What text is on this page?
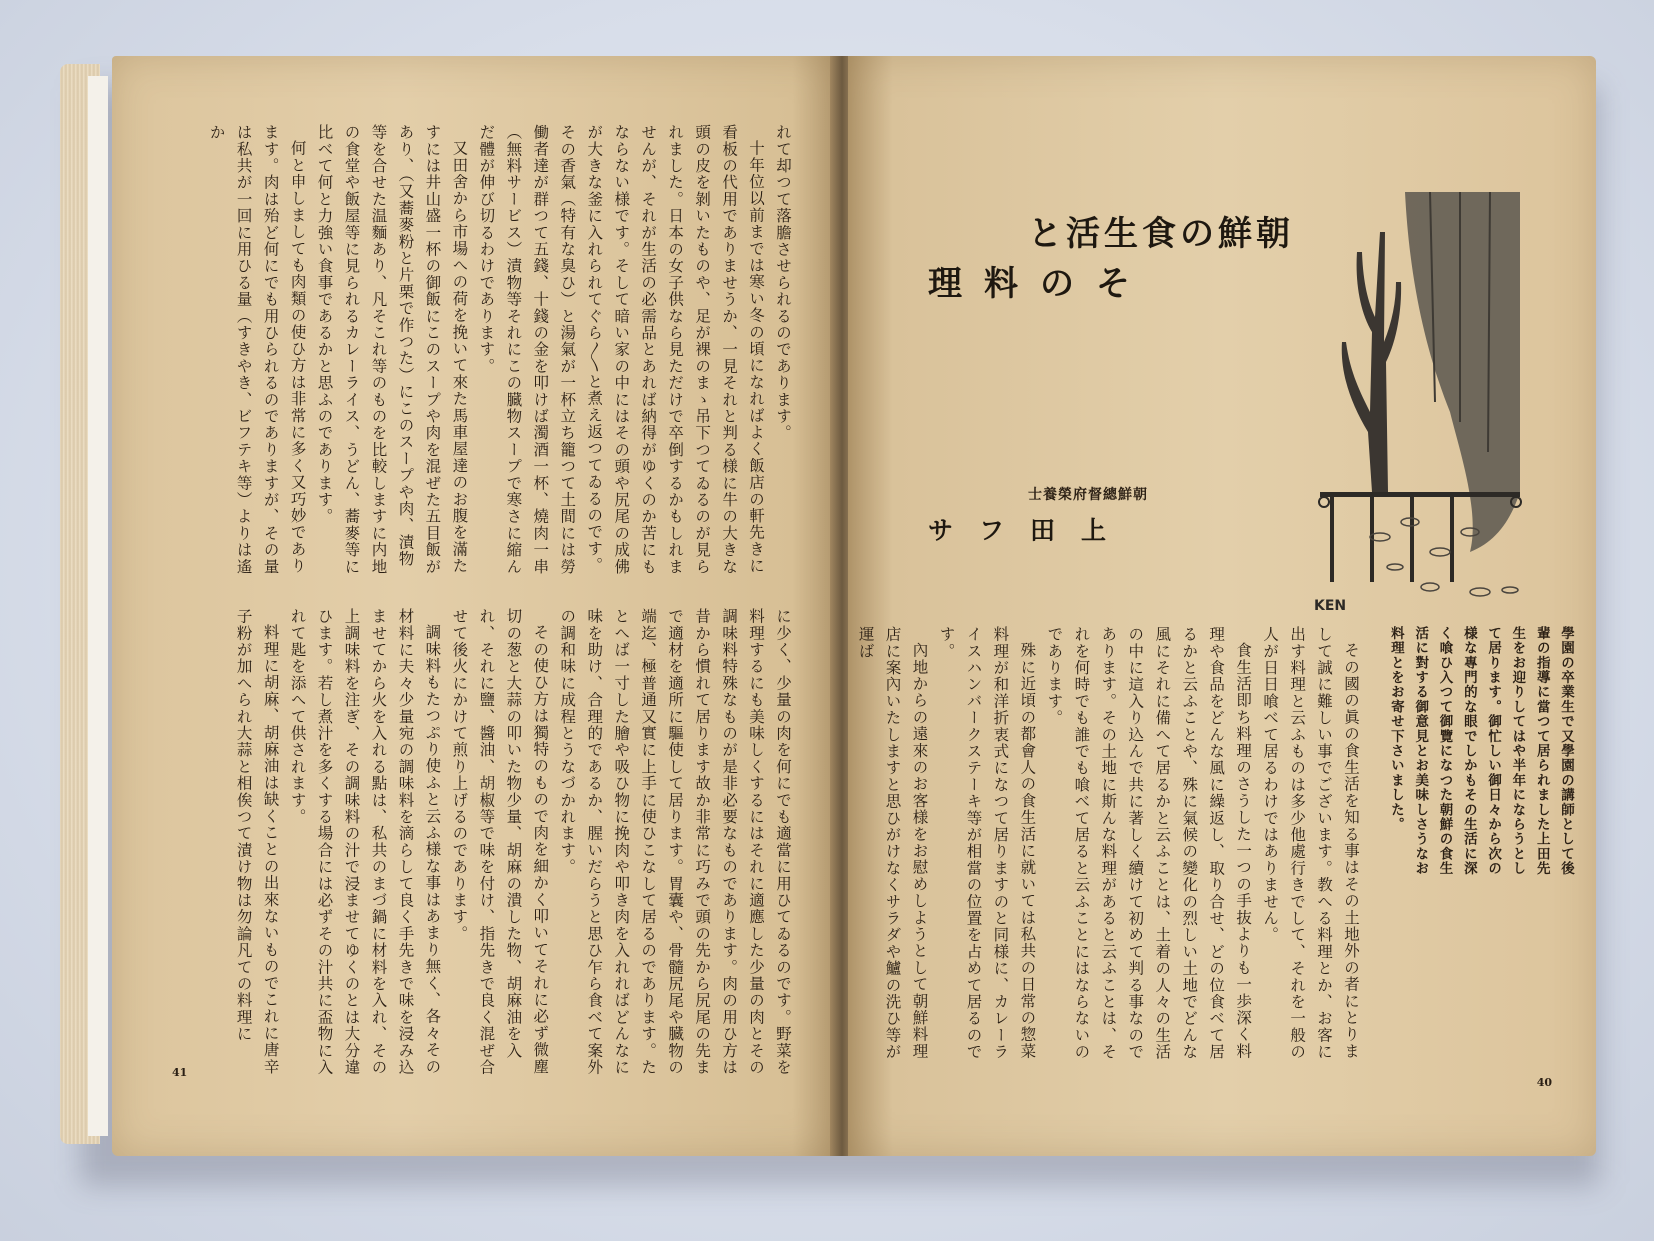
れて却つて落膽させられるのであります。

十年位以前までは寒い冬の頃になればよく飯店の軒先きに看板の代用でありませうか、一見それと判る様に牛の大きな頭の皮を剝いたものや、足が裸のまゝ吊下つてゐるのが見られました。日本の女子供なら見ただけで卒倒するかもしれませんが、それが生活の必需品とあれば納得がゆくのか苦にもならない様です。そして暗い家の中にはその頭や尻尾の成佛が大きな釜に入れられてぐら〳〵と煮え返つてゐるのです。その香氣（特有な臭ひ）と湯氣が一杯立ち籠つて土間には勞働者達が群つて五錢、十錢の金を叩けば濁酒一杯、燒肉一串（無料サービス）漬物等それにこの臓物スープで寒さに縮んだ體が伸び切るわけであります。

又田舍から市場への荷を挽いて來た馬車屋達のお腹を滿たすには井山盛一杯の御飯にこのスープや肉を混ぜた五目飯があり、（又蕎麥粉と片栗で作つた）にこのスープや肉、漬物等を合せた温麵あり、凡そこれ等のものを比較しますに内地の食堂や飯屋等に見られるカレーライス、うどん、蕎麥等に比べて何と力強い食事であるかと思ふのであります。

何と申しましても肉類の使ひ方は非常に多く又巧妙であります。肉は殆ど何にでも用ひられるのでありますが、その量は私共が一回に用ひる量（すきやき、ビフテキ等）よりは遙か

に少く、少量の肉を何にでも適當に用ひてゐるのです。野菜を料理するにも美味しくするにはそれに適應した少量の肉とその調味料特殊なものが是非必要なものであります。肉の用ひ方は昔から慣れて居ります故か非常に巧みで頭の先から尻尾の先まで適材を適所に驅使して居ります。胃囊や、骨髓尻尾や臓物の端迄、極普通又實に上手に使ひこなして居るのであります。たとへば一寸した膾や吸ひ物に挽肉や叩き肉を入れればどんなに味を助け、合理的であるか、腥いだらうと思ひ乍ら食べて案外の調和味に成程とうなづかれます。

その使ひ方は獨特のもので肉を細かく叩いてそれに必ず微塵切の葱と大蒜の叩いた物少量、胡麻の潰した物、胡麻油を入れ、それに鹽、醬油、胡椒等で味を付け、指先きで良く混ぜ合せて後火にかけて煎り上げるのであります。

調味料もたつぷり使ふと云ふ様な事はあまり無く、各々その材料に夫々少量宛の調味料を滴らして良く手先きで味を浸み込ませてから火を入れる點は、私共のまづ鍋に材料を入れ、その上調味料を注ぎ、その調味料の汁で浸ませてゆくのとは大分違ひます。若し煮汁を多くする場合には必ずその汁共に盃物に入れて匙を添へて供されます。

料理に胡麻、胡麻油は缺くことの出來ないものでこれに唐辛子粉が加へられ大蒜と相俟つて漬け物は勿論凡ての料理に

41
と活生食の鮮朝
理料のそ
士養榮府督總鮮朝
サフ田上
KEN

學園の卒業生で又學園の講師として後輩の指導に當つて居られました上田先生をお迎りしてはや半年にならうとして居ります。御忙しい御日々から次の様な專門的な眼でしかもその生活に深く喰ひ入つて御覽になつた朝鮮の食生活に對する御意見とお美味しさうなお料理とをお寄せ下さいました。

その國の眞の食生活を知る事はその土地外の者にとりまして誠に難しい事でございます。教へる料理とか、お客に出す料理と云ふものは多少他處行きでして、それを一般の人が日日喰べて居るわけではありません。

食生活即ち料理のさうした一つの手抜よりも一歩深く料理や食品をどんな風に繰返し、取り合せ、どの位食べて居るかと云ふことや、殊に氣候の變化の烈しい土地でどんな風にそれに備へて居るかと云ふことは、土着の人々の生活の中に這入り込んで共に著しく續けて初めて判る事なのであります。その土地に斯んな料理があると云ふことは、それを何時でも誰でも喰べて居ると云ふことにはならないのであります。

殊に近頃の都會人の食生活に就いては私共の日常の惣菜料理が和洋折衷式になつて居りますのと同様に、カレーライスハンバークステーキ等が相當の位置を占めて居るのです。

內地からの遠來のお客様をお慰めしようとして朝鮮料理店に案內いたしますと思ひがけなくサラダや鱸の洗ひ等が運ば

40
